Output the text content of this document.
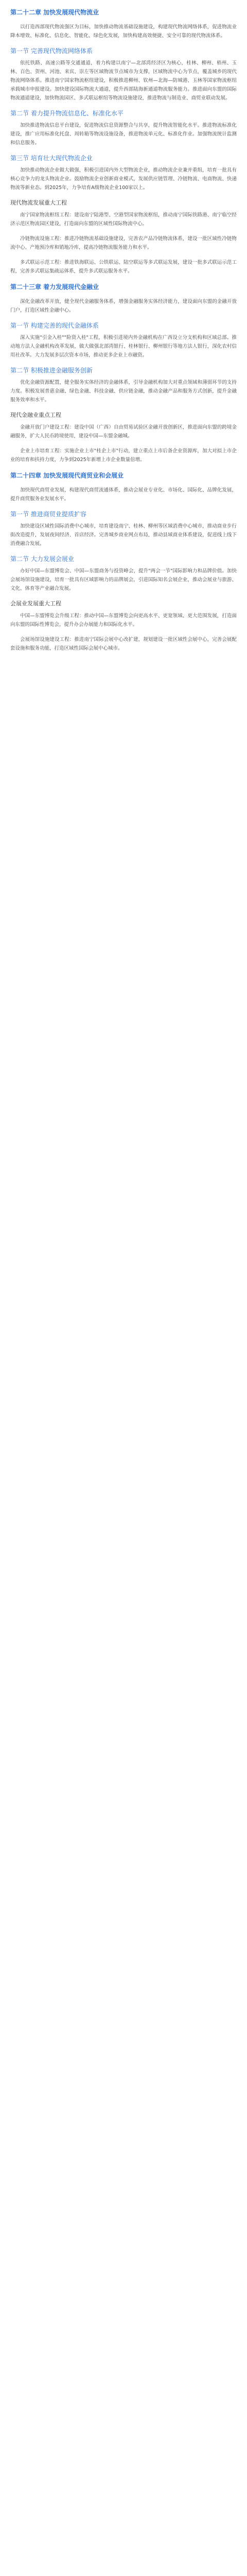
第二十二章 加快发展现代物流业
以打造西部现代物流强区为目标，加快推动物流基础设施建设，构建现代物流网络体系，促进物流业降本增效、标准化、信息化、智能化、绿色化发展，加快构建高效便捷、安全可靠的现代物流体系。
第一节 完善现代物流网络体系
依托铁路、高速公路等交通通道，着力构建以南宁—北部湾经济区为核心，桂林、柳州、梧州、玉林、百色、贺州、河池、来宾、崇左等区域物流节点城市为支撑，区域物流中心为节点，覆盖城乡的现代物流网络体系。推进南宁国家物流枢纽建设，积极推进柳州、钦州—北海—防城港、玉林等国家物流枢纽承载城市申报建设。加快建设国际物流大通道，提升西部陆海新通道物流服务能力。推进面向东盟的国际物流通道建设，加快物流园区、多式联运枢纽等物流设施建设，推进物流与制造业、商贸业联动发展。
第二节 着力提升物流信息化、标准化水平
加快推进物流信息平台建设，促进物流信息资源整合与共享，提升物流智能化水平。推进物流标准化建设，推广应用标准化托盘、周转箱等物流设施设备，推进物流单元化、标准化作业。加强物流统计监测和信息服务。
第三节 培育壮大现代物流企业
加快推动物流企业做大做强，积极引进国内外大型物流企业，推动物流企业兼并重组，培育一批具有核心竞争力的龙头物流企业。鼓励物流企业创新商业模式，发展供应链管理、冷链物流、电商物流、快递物流等新业态。到2025年，力争培育A级物流企业100家以上。
现代物流发展重大工程
南宁国家物流枢纽工程：建设南宁陆港型、空港型国家物流枢纽，推动南宁国际铁路港、南宁临空经济示范区物流园区建设，打造面向东盟的区域性国际物流中心。
冷链物流设施工程：推进冷链物流基础设施建设，完善农产品冷链物流体系，建设一批区域性冷链物流中心、产地预冷库和销地冷库，提高冷链物流服务能力和水平。
多式联运示范工程：推进铁海联运、公铁联运、陆空联运等多式联运发展，建设一批多式联运示范工程，完善多式联运集疏运体系，提升多式联运服务水平。
第二十三章 着力发展现代金融业
深化金融改革开放，健全现代金融服务体系，增强金融服务实体经济能力，建设面向东盟的金融开放门户，打造区域性金融中心。
第一节 构建完善的现代金融体系
深入实施"引金入桂""险资入桂"工程，积极引进境内外金融机构在广西设立分支机构和区域总部。推动地方法人金融机构改革发展，做大做强北部湾银行、桂林银行、柳州银行等地方法人银行，深化农村信用社改革。大力发展多层次资本市场，推动更多企业上市融资。
第二节 积极推进金融服务创新
优化金融资源配置，健全服务实体经济的金融体系，引导金融机构加大对重点领域和薄弱环节的支持力度。积极发展普惠金融、绿色金融、科技金融、供应链金融，推动金融产品和服务方式创新，提升金融服务效率和水平。
现代金融业重点工程
金融开放门户建设工程：建设中国（广西）自由贸易试验区金融开放创新区，推进面向东盟的跨境金融服务，扩大人民币跨境使用，建设中国—东盟金融城。
企业上市培育工程：实施企业上市"桂企上市"行动，建立重点上市后备企业资源库，加大对拟上市企业的培育和扶持力度，力争到2025年新增上市企业数量倍增。
第二十四章 加快发展现代商贸业和会展业
加快现代商贸业发展，构建现代商贸流通体系，推动会展业专业化、市场化、国际化、品牌化发展，提升商贸服务业发展水平。
第一节 推进商贸业提质扩容
加快建设区域性国际消费中心城市，培育建设南宁、桂林、柳州等区域消费中心城市，推动商业步行街改造提升，发展夜间经济、首店经济。完善城乡商业网点布局，推动县域商业体系建设，促进线上线下消费融合发展。
第二节 大力发展会展业
办好中国—东盟博览会、中国—东盟商务与投资峰会，提升"两会一节"国际影响力和品牌价值。加快会展场馆设施建设，培育一批具有区域影响力的品牌展会，引进国际知名会展企业，推动会展业与旅游、文化、体育等产业融合发展。
会展业发展重大工程
中国—东盟博览会升级工程：推动中国—东盟博览会向更高水平、更宽领域、更大范围发展，打造面向东盟的国际性博览会，提升办会办展能力和国际化水平。
会展场馆设施建设工程：推进南宁国际会展中心改扩建，规划建设一批区域性会展中心，完善会展配套设施和服务功能，打造区域性国际会展中心城市。
